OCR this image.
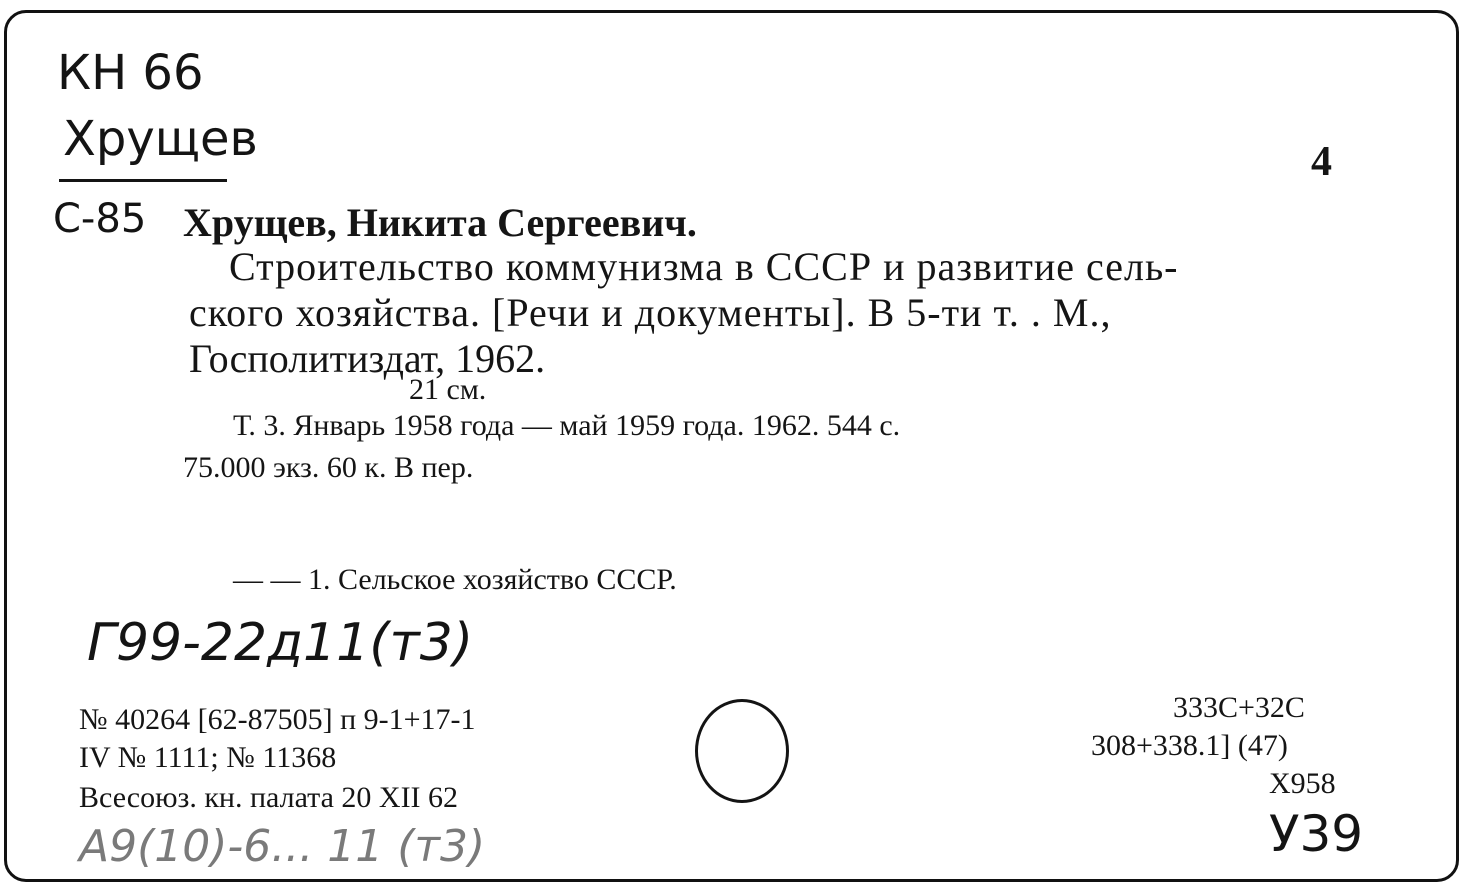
КН 66
Хрущев
С-85
4
Хрущев, Никита Сергеевич.
Строительство коммунизма в СССР и развитие сель-
ского хозяйства. [Речи и документы]. В 5-ти т. . М.,
Госполитиздат, 1962.
21 см.
Т. 3. Январь 1958 года — май 1959 года. 1962. 544 с.
75.000 экз. 60 к. В пер.
— — 1. Сельское хозяйство СССР.
Г99-22д11(т3)
№ 40264 [62-87505] п 9-1+17-1
IV № 1111; № 11368
Всесоюз. кн. палата 20 XII 62
333С+32С
308+338.1] (47)
Х958
А9(10)-6... 11 (т3)	У39
